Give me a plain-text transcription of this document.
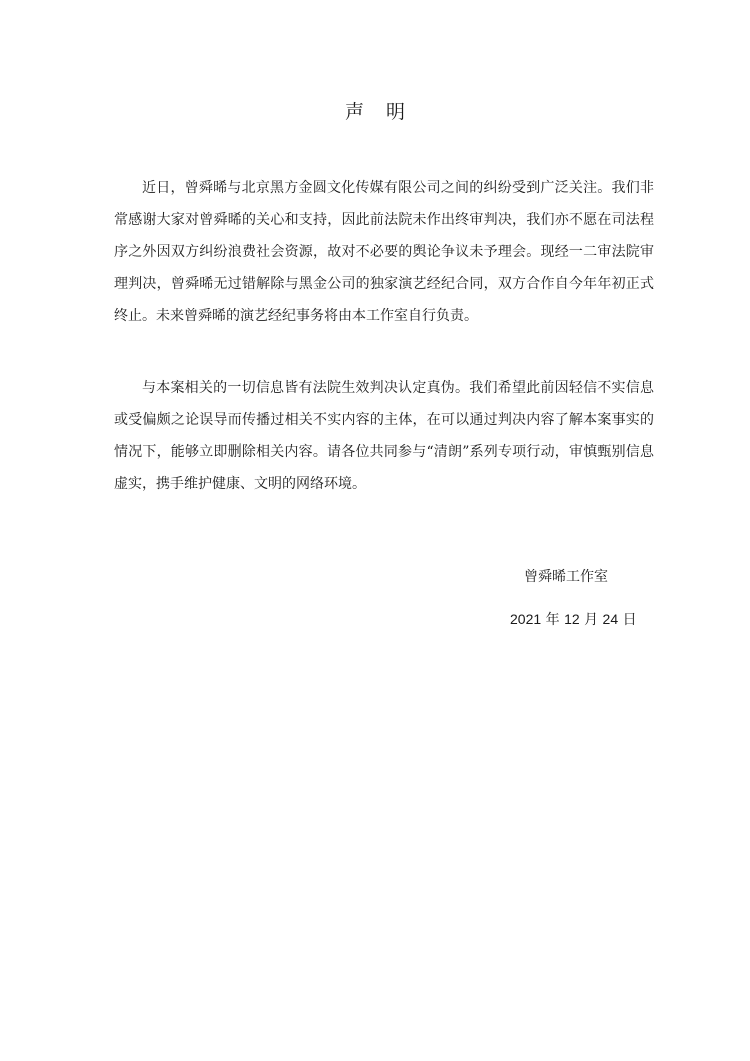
声明

近日，曾舜晞与北京黑方金圆文化传媒有限公司之间的纠纷受到广泛关注。我们非常感谢大家对曾舜晞的关心和支持，因此前法院未作出终审判决，我们亦不愿在司法程序之外因双方纠纷浪费社会资源，故对不必要的舆论争议未予理会。现经一二审法院审理判决，曾舜晞无过错解除与黑金公司的独家演艺经纪合同，双方合作自今年年初正式终止。未来曾舜晞的演艺经纪事务将由本工作室自行负责。

与本案相关的一切信息皆有法院生效判决认定真伪。我们希望此前因轻信不实信息或受偏颇之论误导而传播过相关不实内容的主体，在可以通过判决内容了解本案事实的情况下，能够立即删除相关内容。请各位共同参与“清朗”系列专项行动，审慎甄别信息虚实，携手维护健康、文明的网络环境。

曾舜晞工作室
2021 年 12 月 24 日
